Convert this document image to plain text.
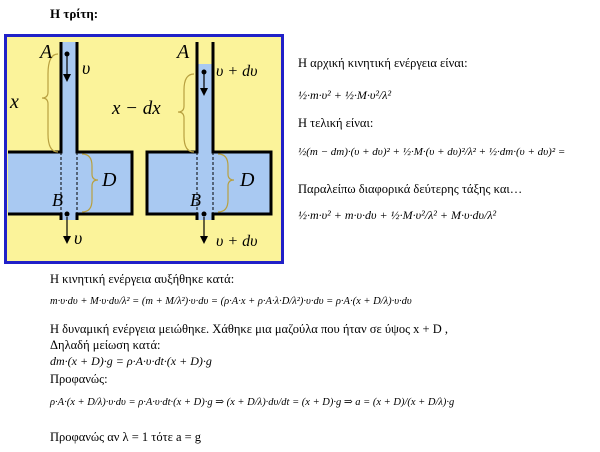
Η τρίτη:
A
υ
x
D
B
υ
A
υ + dυ
x − dx
D
B
υ + dυ
Η αρχική κινητική ενέργεια είναι:
½·m·υ² + ½·M·υ²/λ²
Η τελική είναι:
½(m − dm)·(υ + dυ)² + ½·M·(υ + dυ)²/λ² + ½·dm·(υ + dυ)² =
Παραλείπω διαφορικά δεύτερης τάξης και…
½·m·υ² + m·υ·dυ + ½·M·υ²/λ² + M·υ·dυ/λ²
Η κινητική ενέργεια αυξήθηκε κατά:
m·υ·dυ + M·υ·dυ/λ² = (m + M/λ²)·υ·dυ = (ρ·A·x + ρ·A·λ·D/λ²)·υ·dυ = ρ·A·(x + D/λ)·υ·dυ
Η δυναμική ενέργεια μειώθηκε. Χάθηκε μια μαζούλα που ήταν σε ύψος x + D ,
Δηλαδή μείωση κατά:
dm·(x + D)·g = ρ·A·υ·dt·(x + D)·g
Προφανώς:
ρ·A·(x + D/λ)·υ·dυ = ρ·A·υ·dt·(x + D)·g ⇒ (x + D/λ)·dυ/dt = (x + D)·g ⇒ a = (x + D)/(x + D/λ)·g
Προφανώς αν λ = 1 τότε a = g
